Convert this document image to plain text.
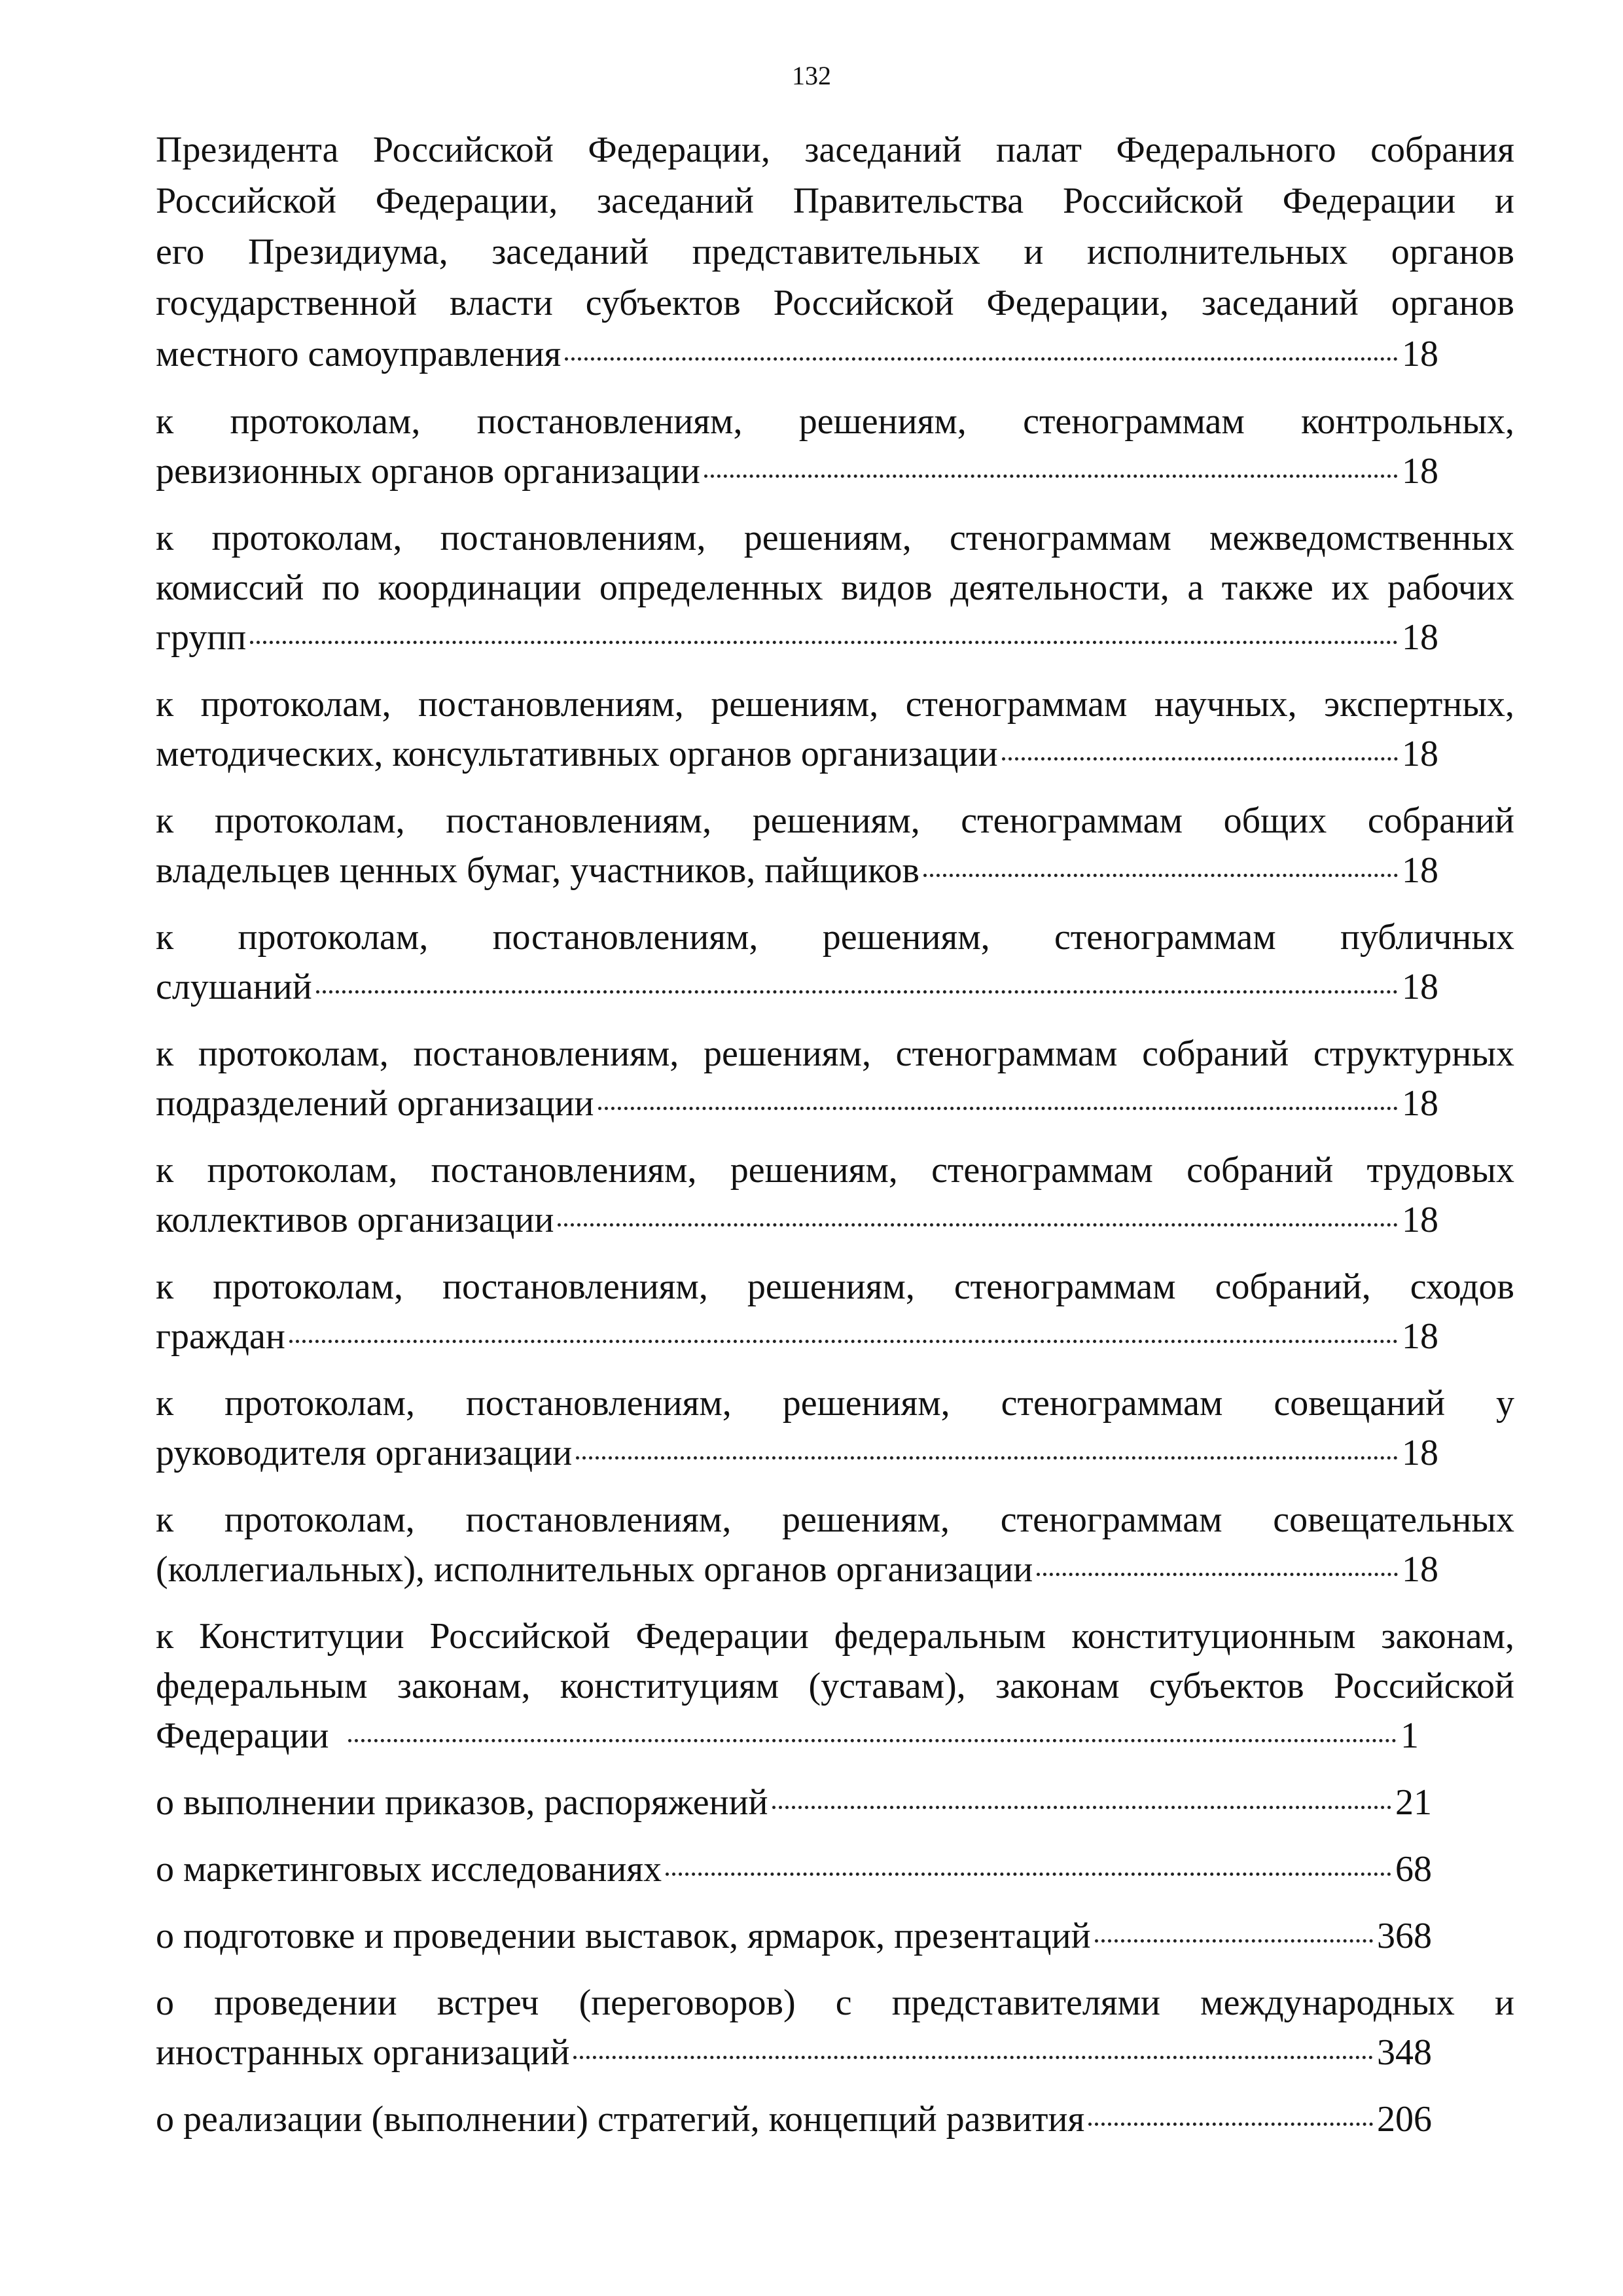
132
Президента Российской Федерации, заседаний палат Федерального собрания
Российской Федерации, заседаний Правительства Российской Федерации и
его Президиума, заседаний представительных и исполнительных органов
государственной власти субъектов Российской Федерации, заседаний органов
местного самоуправления	18
к протоколам, постановлениям, решениям, стенограммам контрольных,
ревизионных органов организации	18
к протоколам, постановлениям, решениям, стенограммам межведомственных
комиссий по координации определенных видов деятельности, а также их рабочих
групп	18
к протоколам, постановлениям, решениям, стенограммам научных, экспертных,
методических, консультативных органов организации	18
к протоколам, постановлениям, решениям, стенограммам общих собраний
владельцев ценных бумаг, участников, пайщиков	18
к протоколам, постановлениям, решениям, стенограммам публичных
слушаний	18
к протоколам, постановлениям, решениям, стенограммам собраний структурных
подразделений организации	18
к протоколам, постановлениям, решениям, стенограммам собраний трудовых
коллективов организации	18
к протоколам, постановлениям, решениям, стенограммам собраний, сходов
граждан	18
к протоколам, постановлениям, решениям, стенограммам совещаний у
руководителя организации	18
к протоколам, постановлениям, решениям, стенограммам совещательных
(коллегиальных), исполнительных органов организации	18
к Конституции Российской Федерации федеральным конституционным законам,
федеральным законам, конституциям (уставам), законам субъектов Российской
Федерации	1
о выполнении приказов, распоряжений	21
о маркетинговых исследованиях	68
о подготовке и проведении выставок, ярмарок, презентаций	368
о проведении встреч (переговоров) с представителями международных и
иностранных организаций	348
о реализации (выполнении) стратегий, концепций развития	206
